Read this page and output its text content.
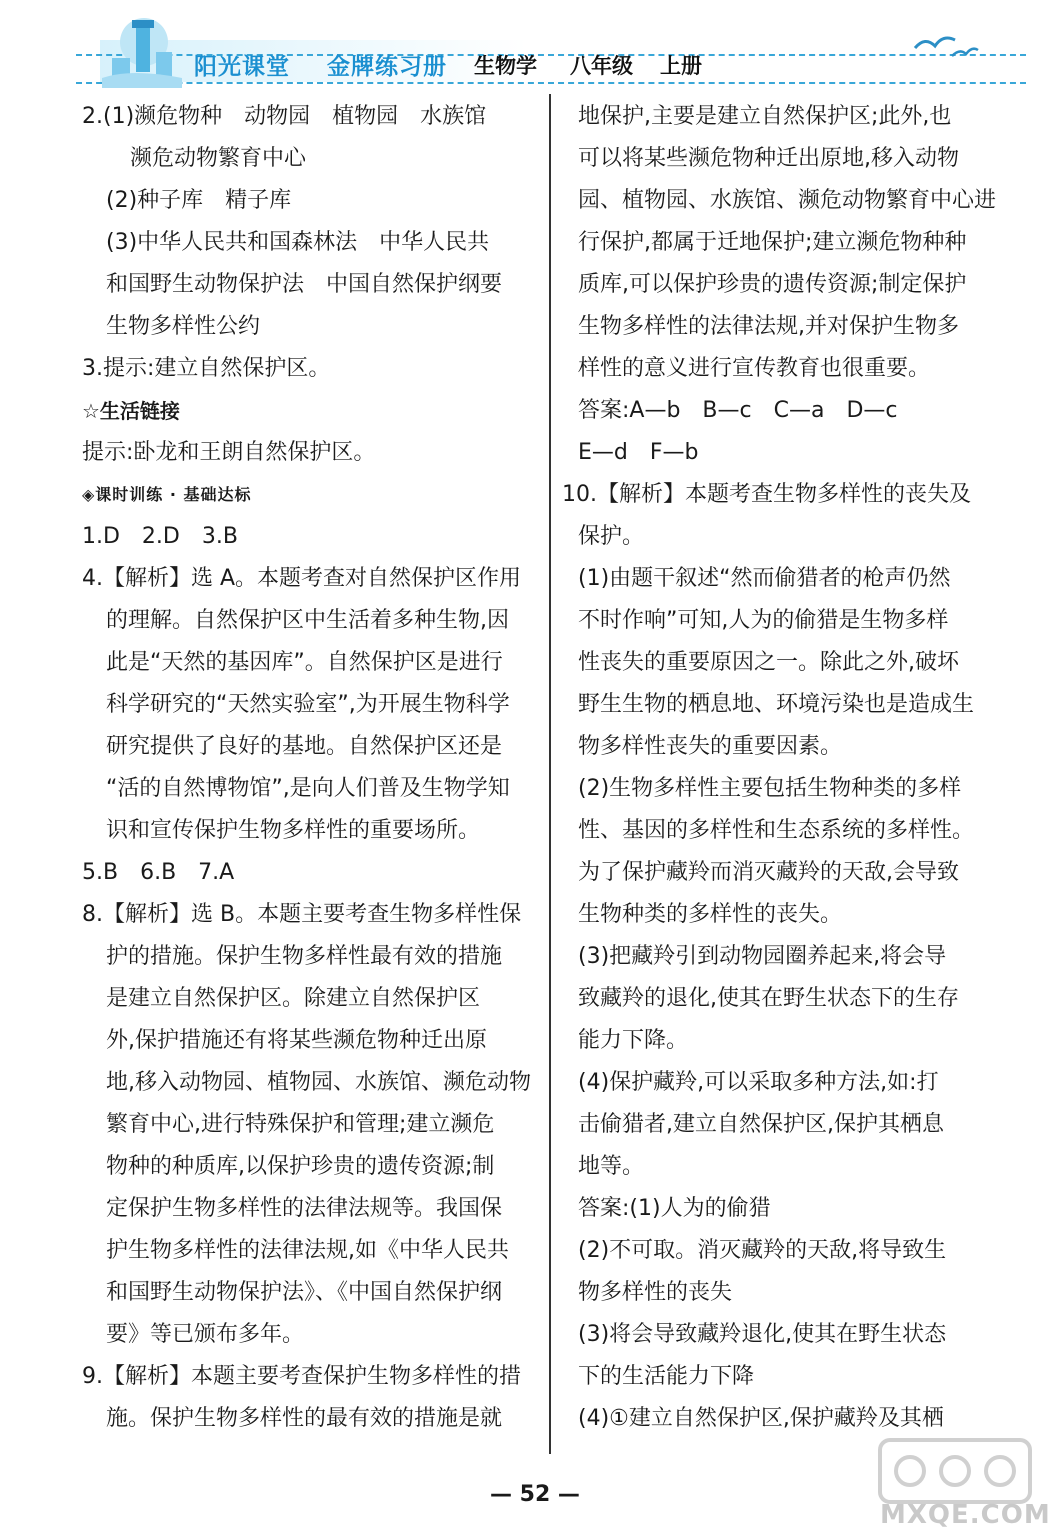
阳光课堂 金牌练习册 生物学 八年级 上册
2.(1)濒危物种　动物园　植物园　水族馆
濒危动物繁育中心
(2)种子库　精子库
(3)中华人民共和国森林法　中华人民共
和国野生动物保护法　中国自然保护纲要
生物多样性公约
3.提示:建立自然保护区。
☆生活链接
提示:卧龙和王朗自然保护区。
◈课时训练 · 基础达标
1.D　2.D　3.B
4.【解析】选 A。本题考查对自然保护区作用
的理解。自然保护区中生活着多种生物,因
此是“天然的基因库”。自然保护区是进行
科学研究的“天然实验室”,为开展生物科学
研究提供了良好的基地。自然保护区还是
“活的自然博物馆”,是向人们普及生物学知
识和宣传保护生物多样性的重要场所。
5.B　6.B　7.A
8.【解析】选 B。本题主要考查生物多样性保
护的措施。保护生物多样性最有效的措施
是建立自然保护区。除建立自然保护区
外,保护措施还有将某些濒危物种迁出原
地,移入动物园、植物园、水族馆、濒危动物
繁育中心,进行特殊保护和管理;建立濒危
物种的种质库,以保护珍贵的遗传资源;制
定保护生物多样性的法律法规等。我国保
护生物多样性的法律法规,如《中华人民共
和国野生动物保护法》、《中国自然保护纲
要》等已颁布多年。
9.【解析】本题主要考查保护生物多样性的措
施。保护生物多样性的最有效的措施是就
地保护,主要是建立自然保护区;此外,也
可以将某些濒危物种迁出原地,移入动物
园、植物园、水族馆、濒危动物繁育中心进
行保护,都属于迁地保护;建立濒危物种种
质库,可以保护珍贵的遗传资源;制定保护
生物多样性的法律法规,并对保护生物多
样性的意义进行宣传教育也很重要。
答案:A—b　B—c　C—a　D—c
E—d　F—b
10.【解析】本题考查生物多样性的丧失及
保护。
(1)由题干叙述“然而偷猎者的枪声仍然
不时作响”可知,人为的偷猎是生物多样
性丧失的重要原因之一。除此之外,破坏
野生生物的栖息地、环境污染也是造成生
物多样性丧失的重要因素。
(2)生物多样性主要包括生物种类的多样
性、基因的多样性和生态系统的多样性。
为了保护藏羚而消灭藏羚的天敌,会导致
生物种类的多样性的丧失。
(3)把藏羚引到动物园圈养起来,将会导
致藏羚的退化,使其在野生状态下的生存
能力下降。
(4)保护藏羚,可以采取多种方法,如:打
击偷猎者,建立自然保护区,保护其栖息
地等。
答案:(1)人为的偷猎
(2)不可取。消灭藏羚的天敌,将导致生
物多样性的丧失
(3)将会导致藏羚退化,使其在野生状态
下的生活能力下降
(4)①建立自然保护区,保护藏羚及其栖
— 52 —
MXQE.COM
